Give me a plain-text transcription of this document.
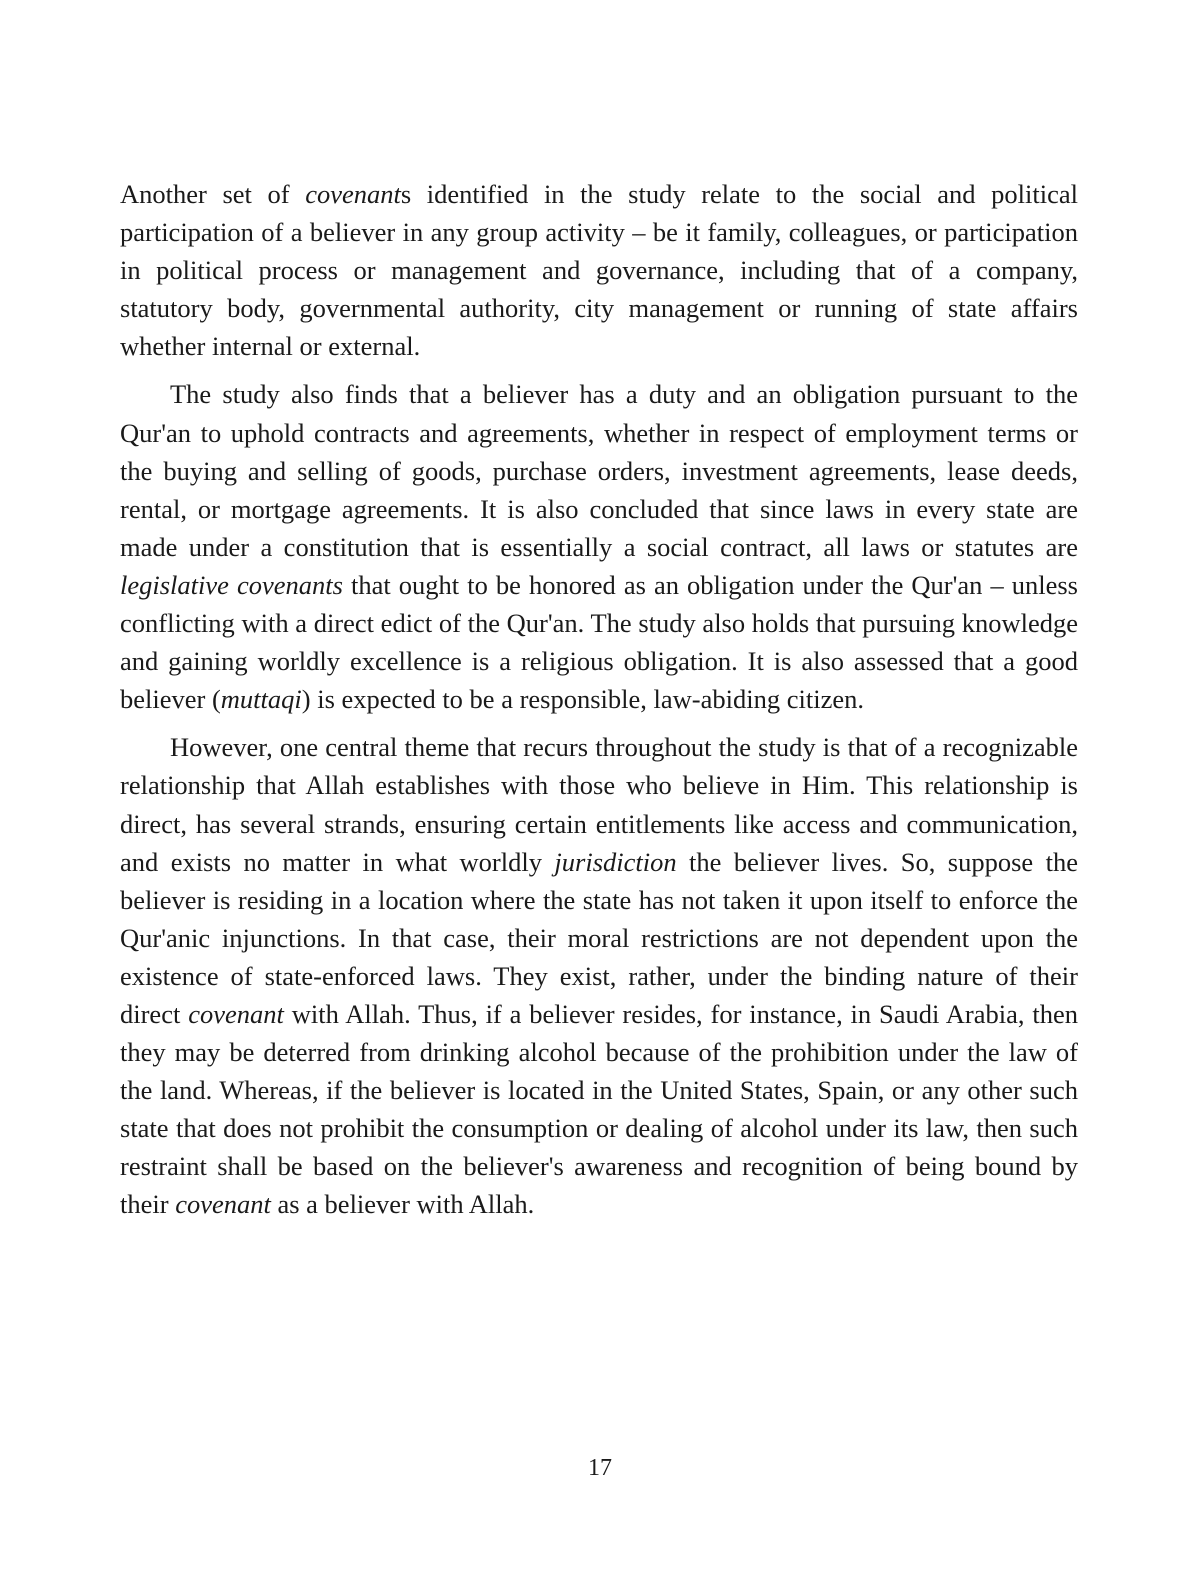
Another set of covenants identified in the study relate to the social and political participation of a believer in any group activity – be it family, colleagues, or participation in political process or management and governance, including that of a company, statutory body, governmental authority, city management or running of state affairs whether internal or external.

The study also finds that a believer has a duty and an obligation pursuant to the Qur'an to uphold contracts and agreements, whether in respect of employment terms or the buying and selling of goods, purchase orders, investment agreements, lease deeds, rental, or mortgage agreements. It is also concluded that since laws in every state are made under a constitution that is essentially a social contract, all laws or statutes are legislative covenants that ought to be honored as an obligation under the Qur'an – unless conflicting with a direct edict of the Qur'an. The study also holds that pursuing knowledge and gaining worldly excellence is a religious obligation. It is also assessed that a good believer (muttaqi) is expected to be a responsible, law-abiding citizen.

However, one central theme that recurs throughout the study is that of a recognizable relationship that Allah establishes with those who believe in Him. This relationship is direct, has several strands, ensuring certain entitlements like access and communication, and exists no matter in what worldly jurisdiction the believer lives. So, suppose the believer is residing in a location where the state has not taken it upon itself to enforce the Qur'anic injunctions. In that case, their moral restrictions are not dependent upon the existence of state-enforced laws. They exist, rather, under the binding nature of their direct covenant with Allah. Thus, if a believer resides, for instance, in Saudi Arabia, then they may be deterred from drinking alcohol because of the prohibition under the law of the land. Whereas, if the believer is located in the United States, Spain, or any other such state that does not prohibit the consumption or dealing of alcohol under its law, then such restraint shall be based on the believer's awareness and recognition of being bound by their covenant as a believer with Allah.

17
